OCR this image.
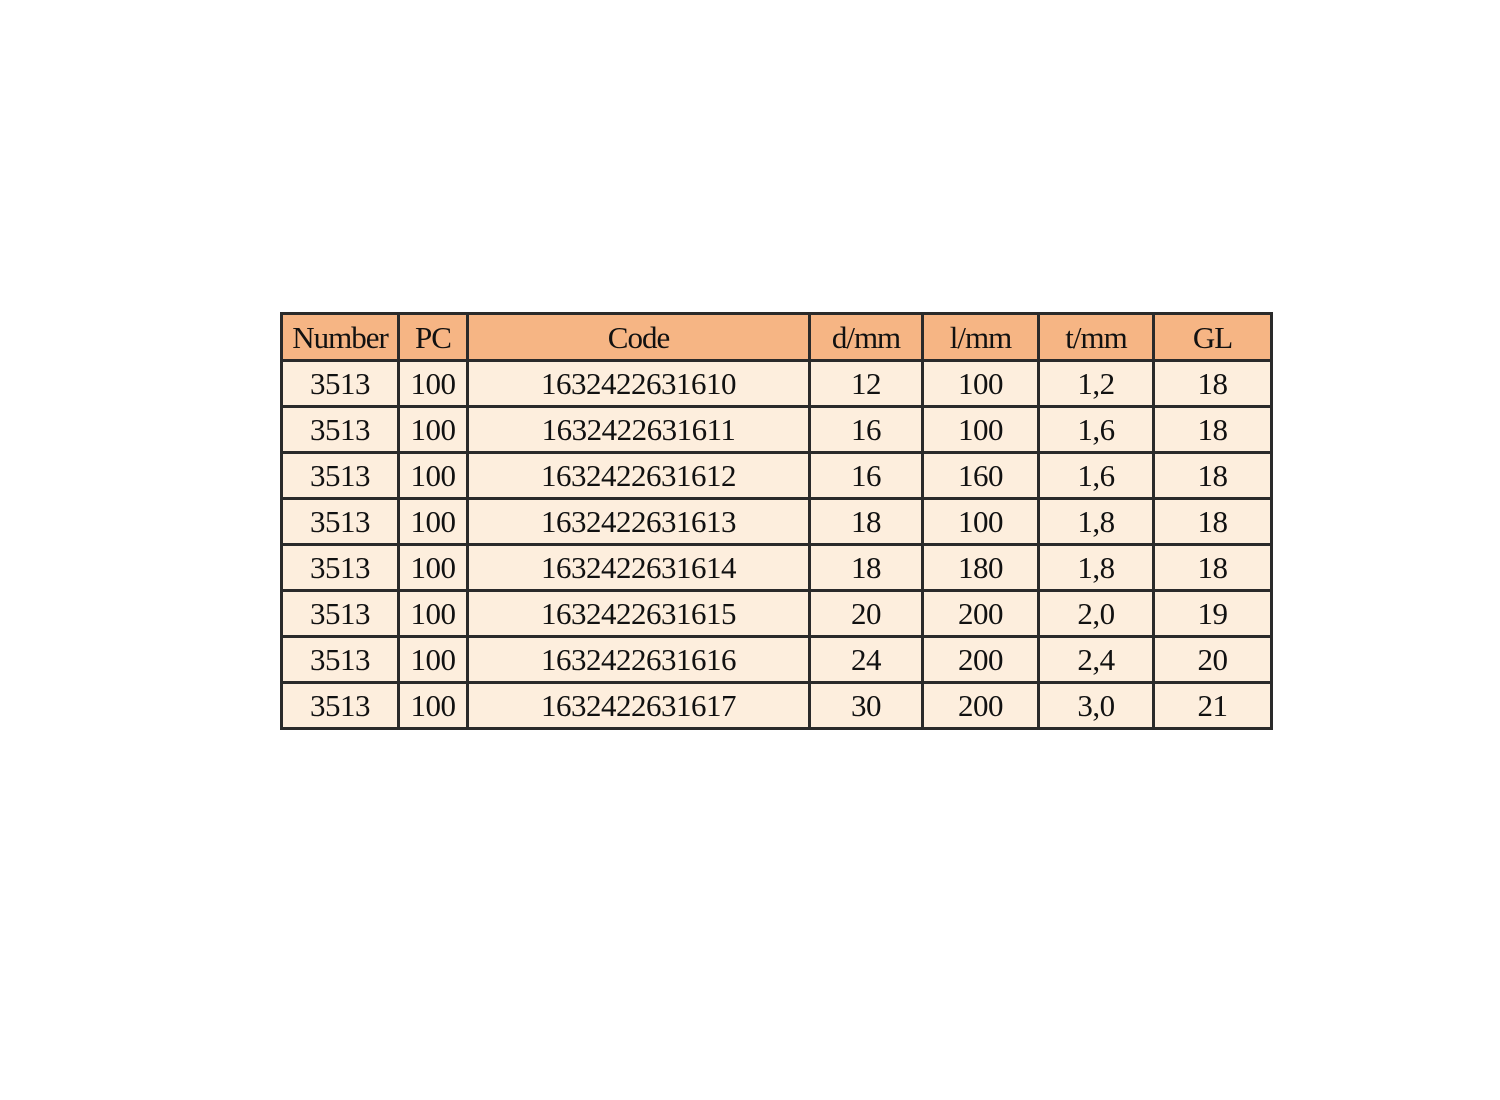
Number	PC	Code	d/mm	l/mm	t/mm	GL
3513	100	1632422631610	12	100	1,2	18
3513	100	1632422631611	16	100	1,6	18
3513	100	1632422631612	16	160	1,6	18
3513	100	1632422631613	18	100	1,8	18
3513	100	1632422631614	18	180	1,8	18
3513	100	1632422631615	20	200	2,0	19
3513	100	1632422631616	24	200	2,4	20
3513	100	1632422631617	30	200	3,0	21
